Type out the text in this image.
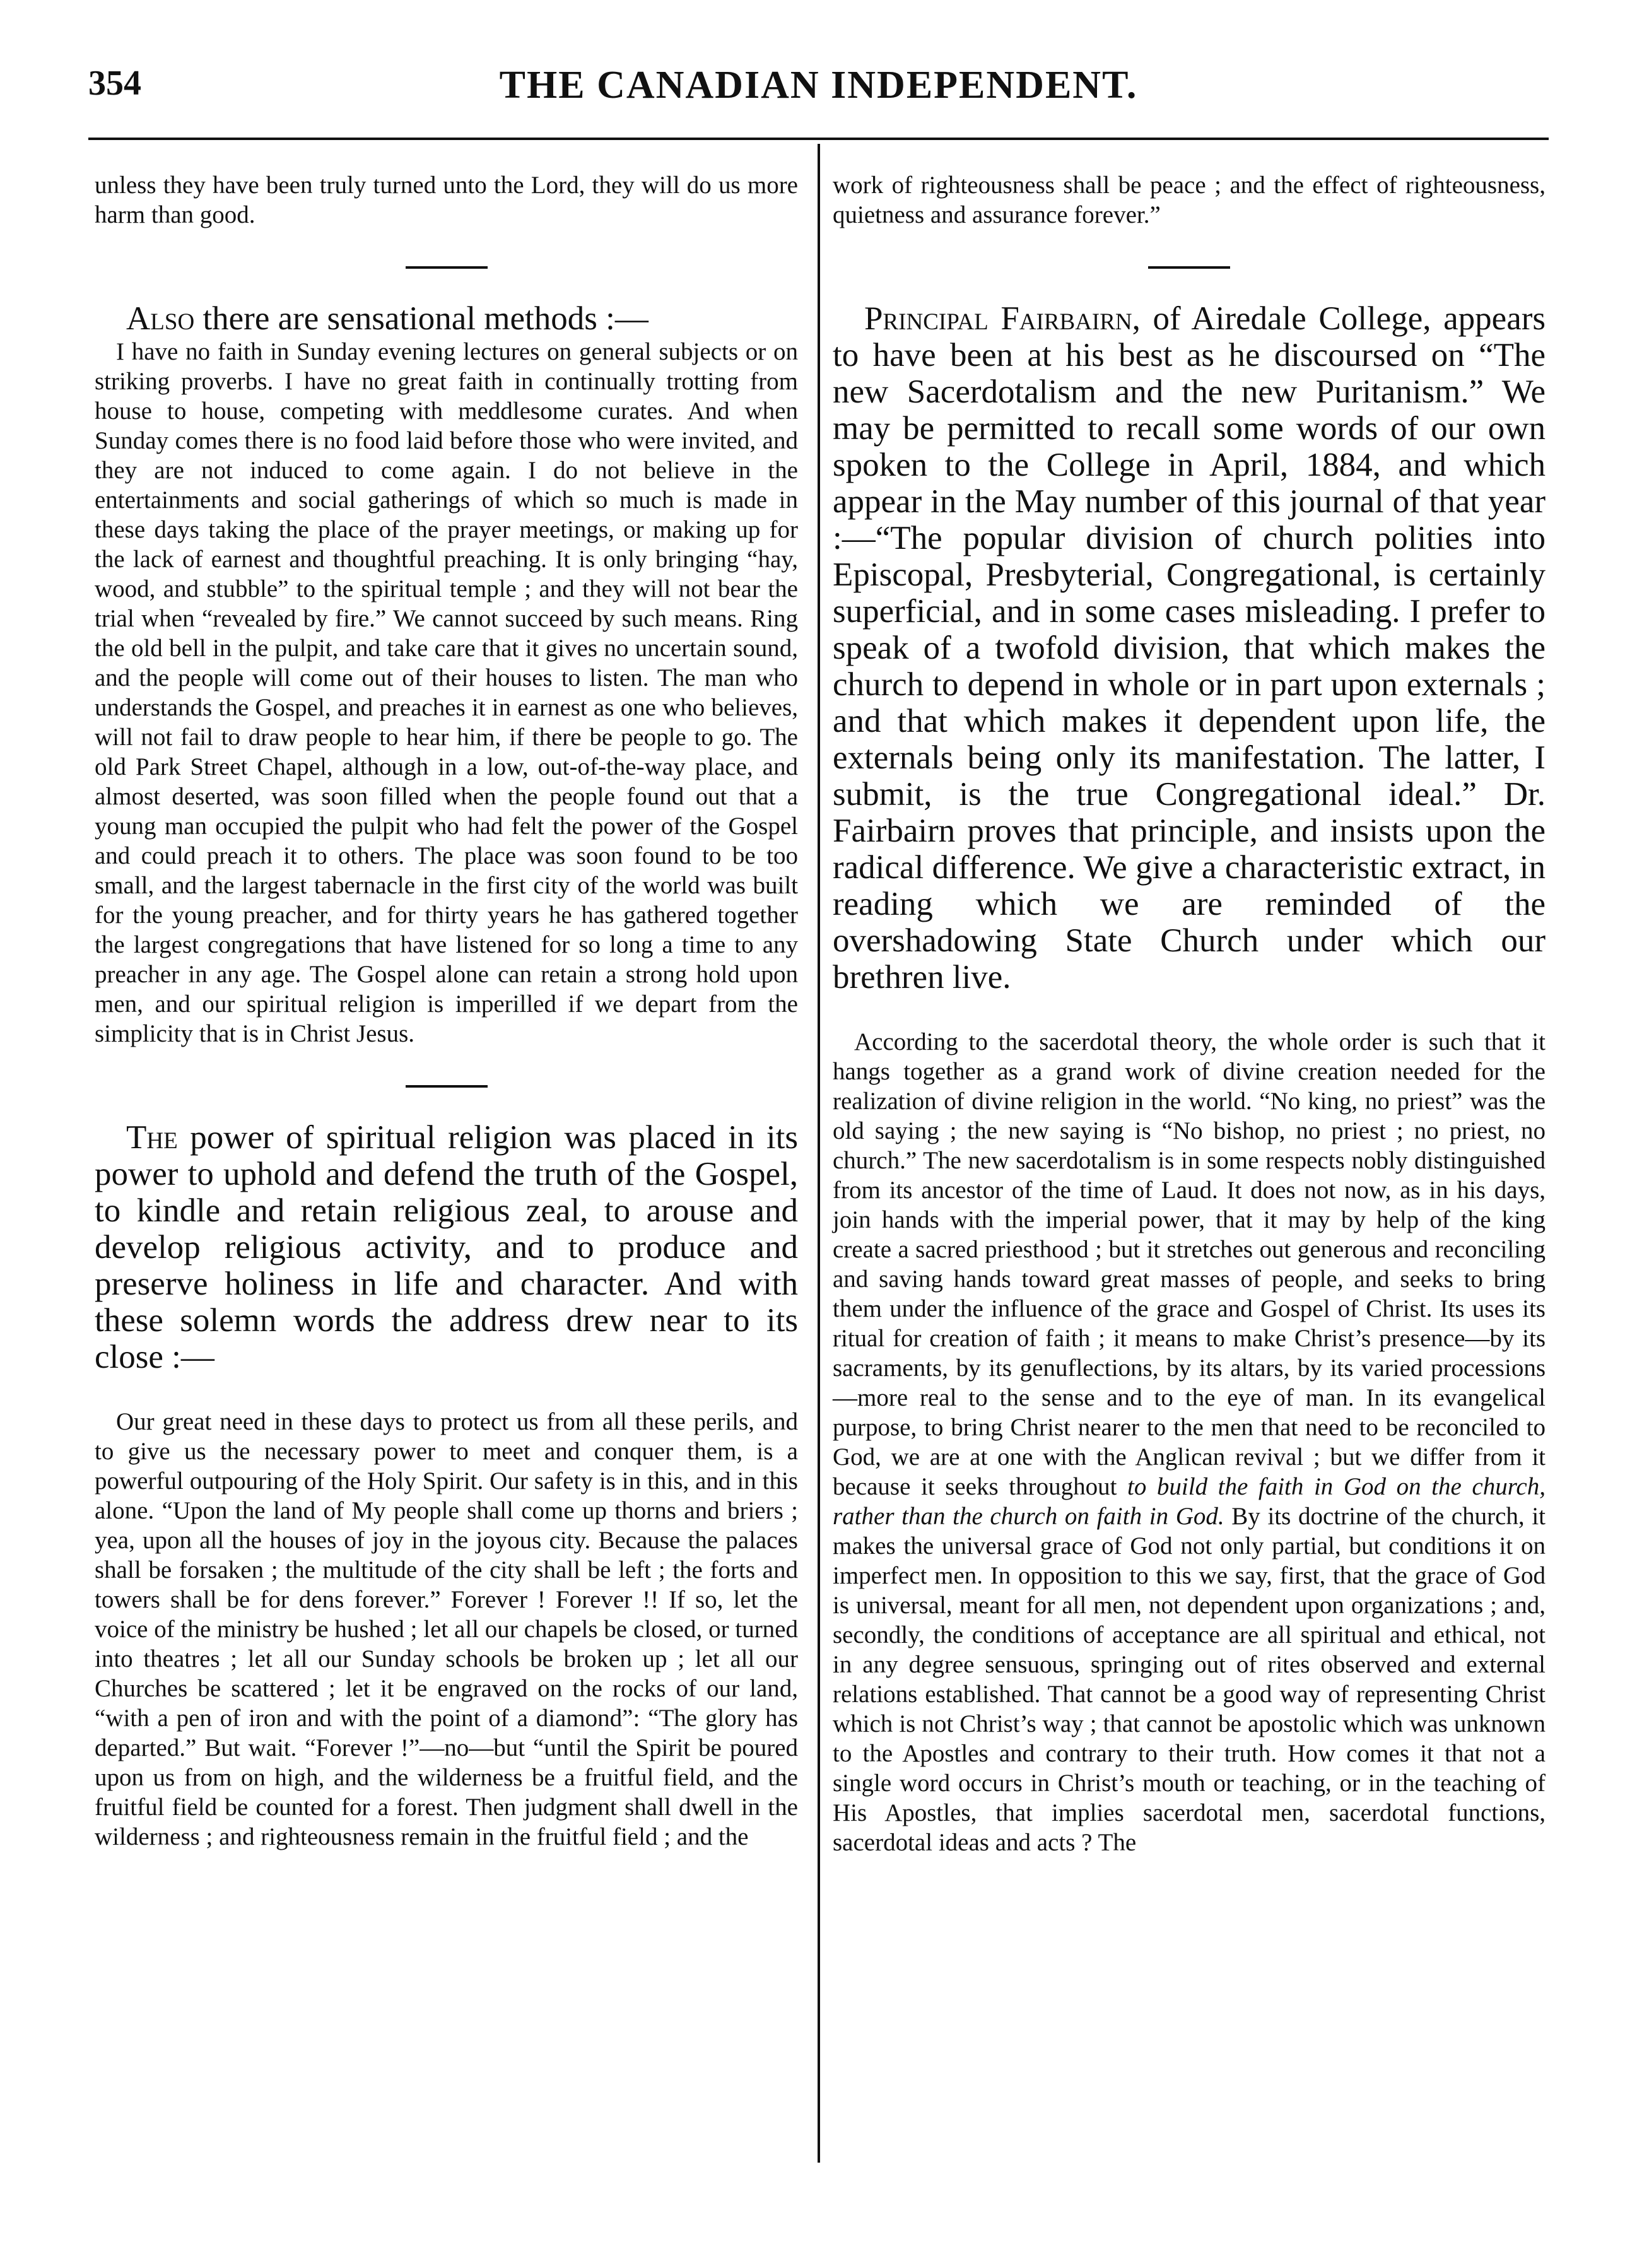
354	THE CANADIAN INDEPENDENT.

unless they have been truly turned unto the Lord, they will do us more harm than good.

Also there are sensational methods :—

I have no faith in Sunday evening lectures on general subjects or on striking proverbs. I have no great faith in continually trotting from house to house, competing with meddlesome curates. And when Sunday comes there is no food laid before those who were invited, and they are not induced to come again. I do not believe in the entertainments and social gatherings of which so much is made in these days taking the place of the prayer meetings, or making up for the lack of earnest and thoughtful preaching. It is only bringing “hay, wood, and stubble” to the spiritual temple ; and they will not bear the trial when “revealed by fire.” We cannot succeed by such means. Ring the old bell in the pulpit, and take care that it gives no uncertain sound, and the people will come out of their houses to listen. The man who understands the Gospel, and preaches it in earnest as one who believes, will not fail to draw people to hear him, if there be people to go. The old Park Street Chapel, although in a low, out-of-the-way place, and almost deserted, was soon filled when the people found out that a young man occupied the pulpit who had felt the power of the Gospel and could preach it to others. The place was soon found to be too small, and the largest tabernacle in the first city of the world was built for the young preacher, and for thirty years he has gathered together the largest congregations that have listened for so long a time to any preacher in any age. The Gospel alone can retain a strong hold upon men, and our spiritual religion is imperilled if we depart from the simplicity that is in Christ Jesus.

The power of spiritual religion was placed in its power to uphold and defend the truth of the Gospel, to kindle and retain religious zeal, to arouse and develop religious activity, and to produce and preserve holiness in life and character. And with these solemn words the address drew near to its close :—

Our great need in these days to protect us from all these perils, and to give us the necessary power to meet and conquer them, is a powerful outpouring of the Holy Spirit. Our safety is in this, and in this alone. “Upon the land of My people shall come up thorns and briers ; yea, upon all the houses of joy in the joyous city. Because the palaces shall be forsaken ; the multitude of the city shall be left ; the forts and towers shall be for dens forever.” Forever ! Forever !! If so, let the voice of the ministry be hushed ; let all our chapels be closed, or turned into theatres ; let all our Sunday schools be broken up ; let all our Churches be scattered ; let it be engraved on the rocks of our land, “with a pen of iron and with the point of a diamond”: “The glory has departed.” But wait. “Forever !”—no—but “until the Spirit be poured upon us from on high, and the wilderness be a fruitful field, and the fruitful field be counted for a forest. Then judgment shall dwell in the wilderness ; and righteousness remain in the fruitful field ; and the

work of righteousness shall be peace ; and the effect of righteousness, quietness and assurance forever.”

Principal Fairbairn, of Airedale College, appears to have been at his best as he discoursed on “The new Sacerdotalism and the new Puritanism.” We may be permitted to recall some words of our own spoken to the College in April, 1884, and which appear in the May number of this journal of that year :—“The popular division of church polities into Episcopal, Presbyterial, Congregational, is certainly superficial, and in some cases misleading. I prefer to speak of a twofold division, that which makes the church to depend in whole or in part upon externals ; and that which makes it dependent upon life, the externals being only its manifestation. The latter, I submit, is the true Congregational ideal.” Dr. Fairbairn proves that principle, and insists upon the radical difference. We give a characteristic extract, in reading which we are reminded of the overshadowing State Church under which our brethren live.

According to the sacerdotal theory, the whole order is such that it hangs together as a grand work of divine creation needed for the realization of divine religion in the world. “No king, no priest” was the old saying ; the new saying is “No bishop, no priest ; no priest, no church.” The new sacerdotalism is in some respects nobly distinguished from its ancestor of the time of Laud. It does not now, as in his days, join hands with the imperial power, that it may by help of the king create a sacred priesthood ; but it stretches out generous and reconciling and saving hands toward great masses of people, and seeks to bring them under the influence of the grace and Gospel of Christ. Its uses its ritual for creation of faith ; it means to make Christ’s presence—by its sacraments, by its genuflections, by its altars, by its varied processions—more real to the sense and to the eye of man. In its evangelical purpose, to bring Christ nearer to the men that need to be reconciled to God, we are at one with the Anglican revival ; but we differ from it because it seeks throughout to build the faith in God on the church, rather than the church on faith in God. By its doctrine of the church, it makes the universal grace of God not only partial, but conditions it on imperfect men. In opposition to this we say, first, that the grace of God is universal, meant for all men, not dependent upon organizations ; and, secondly, the conditions of acceptance are all spiritual and ethical, not in any degree sensuous, springing out of rites observed and external relations established. That cannot be a good way of representing Christ which is not Christ’s way ; that cannot be apostolic which was unknown to the Apostles and contrary to their truth. How comes it that not a single word occurs in Christ’s mouth or teaching, or in the teaching of His Apostles, that implies sacerdotal men, sacerdotal functions, sacerdotal ideas and acts ? The
